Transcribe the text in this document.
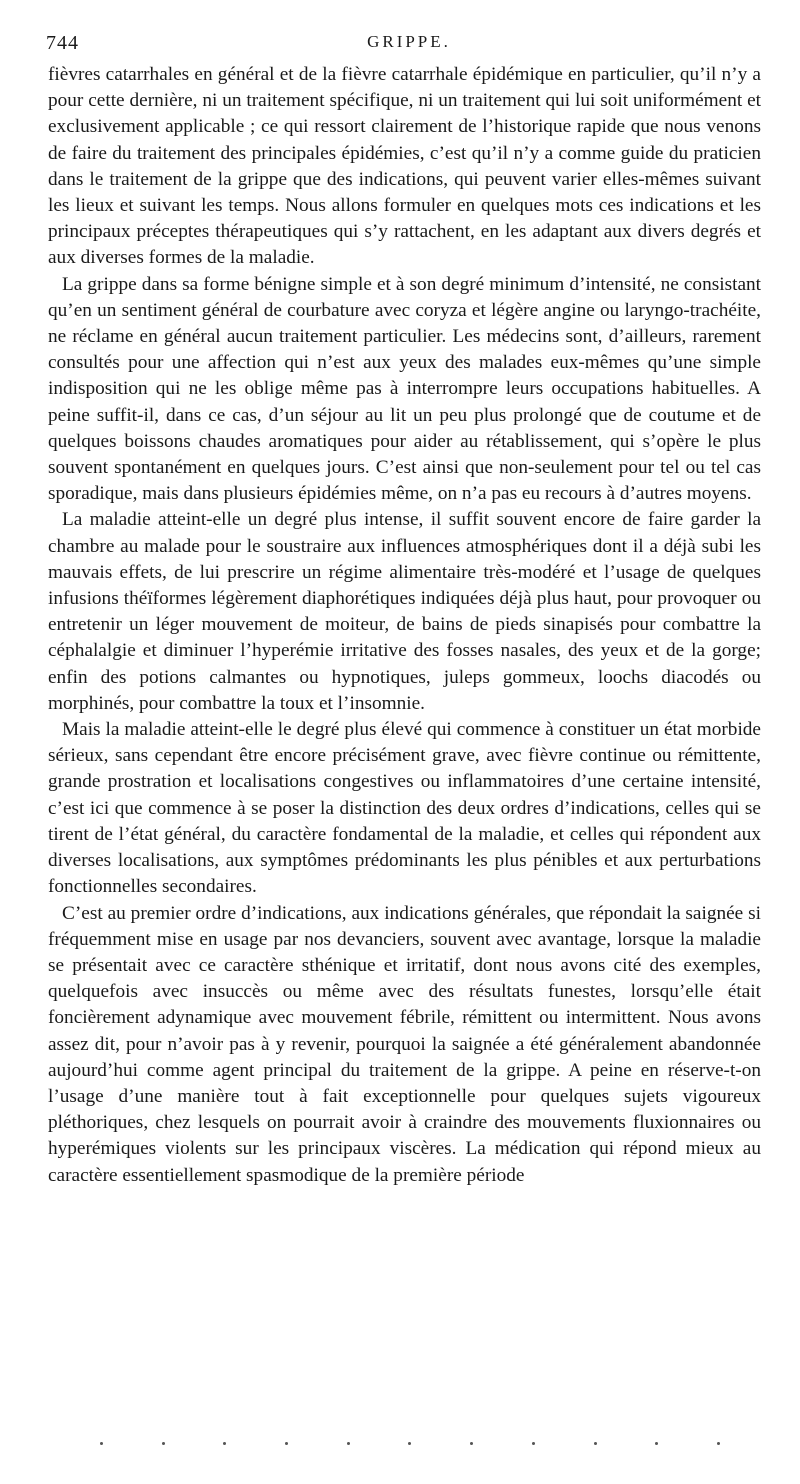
744	GRIPPE.

fièvres catarrhales en général et de la fièvre catarrhale épidémique en particulier, qu’il n’y a pour cette dernière, ni un traitement spécifique, ni un traitement qui lui soit uniformément et exclusivement applicable ; ce qui ressort clairement de l’historique rapide que nous venons de faire du traitement des principales épidémies, c’est qu’il n’y a comme guide du praticien dans le traitement de la grippe que des indications, qui peuvent varier elles-mêmes suivant les lieux et suivant les temps. Nous allons formuler en quelques mots ces indications et les principaux préceptes thérapeutiques qui s’y rattachent, en les adaptant aux divers degrés et aux diverses formes de la maladie.

La grippe dans sa forme bénigne simple et à son degré minimum d’intensité, ne consistant qu’en un sentiment général de courbature avec coryza et légère angine ou laryngo-trachéite, ne réclame en général aucun traitement particulier. Les médecins sont, d’ailleurs, rarement consultés pour une affection qui n’est aux yeux des malades eux-mêmes qu’une simple indisposition qui ne les oblige même pas à interrompre leurs occupations habituelles. A peine suffit-il, dans ce cas, d’un séjour au lit un peu plus prolongé que de coutume et de quelques boissons chaudes aromatiques pour aider au rétablissement, qui s’opère le plus souvent spontanément en quelques jours. C’est ainsi que non-seulement pour tel ou tel cas sporadique, mais dans plusieurs épidémies même, on n’a pas eu recours à d’autres moyens.

La maladie atteint-elle un degré plus intense, il suffit souvent encore de faire garder la chambre au malade pour le soustraire aux influences atmosphériques dont il a déjà subi les mauvais effets, de lui prescrire un régime alimentaire très-modéré et l’usage de quelques infusions théïformes légèrement diaphorétiques indiquées déjà plus haut, pour provoquer ou entretenir un léger mouvement de moiteur, de bains de pieds sinapisés pour combattre la céphalalgie et diminuer l’hyperémie irritative des fosses nasales, des yeux et de la gorge; enfin des potions calmantes ou hypnotiques, juleps gommeux, loochs diacodés ou morphinés, pour combattre la toux et l’insomnie.

Mais la maladie atteint-elle le degré plus élevé qui commence à constituer un état morbide sérieux, sans cependant être encore précisément grave, avec fièvre continue ou rémittente, grande prostration et localisations congestives ou inflammatoires d’une certaine intensité, c’est ici que commence à se poser la distinction des deux ordres d’indications, celles qui se tirent de l’état général, du caractère fondamental de la maladie, et celles qui répondent aux diverses localisations, aux symptômes prédominants les plus pénibles et aux perturbations fonctionnelles secondaires.

C’est au premier ordre d’indications, aux indications générales, que répondait la saignée si fréquemment mise en usage par nos devanciers, souvent avec avantage, lorsque la maladie se présentait avec ce caractère sthénique et irritatif, dont nous avons cité des exemples, quelquefois avec insuccès ou même avec des résultats funestes, lorsqu’elle était foncièrement adynamique avec mouvement fébrile, rémittent ou intermittent. Nous avons assez dit, pour n’avoir pas à y revenir, pourquoi la saignée a été généralement abandonnée aujourd’hui comme agent principal du traitement de la grippe. A peine en réserve-t-on l’usage d’une manière tout à fait exceptionnelle pour quelques sujets vigoureux pléthoriques, chez lesquels on pourrait avoir à craindre des mouvements fluxionnaires ou hyperémiques violents sur les principaux viscères. La médication qui répond mieux au caractère essentiellement spasmodique de la première période
